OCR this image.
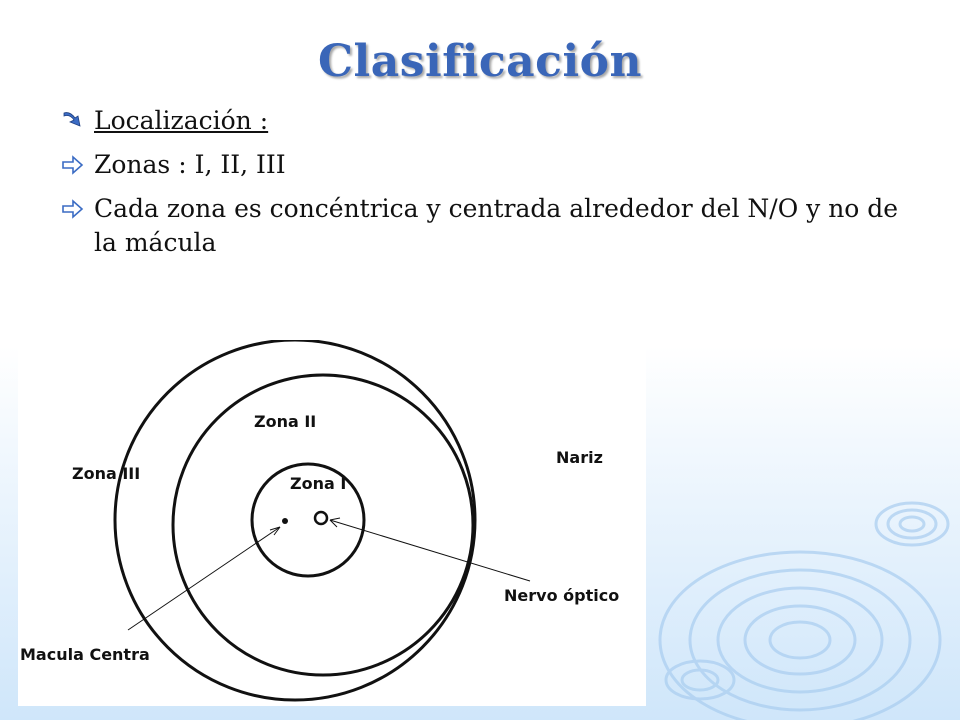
Clasificación
Localización :
Zonas : I, II, III
Cada zona es concéntrica y centrada alrededor del N/O y no de la mácula
Zona II
Zona III
Zona I
Nariz
Nervo óptico
Macula Centra
